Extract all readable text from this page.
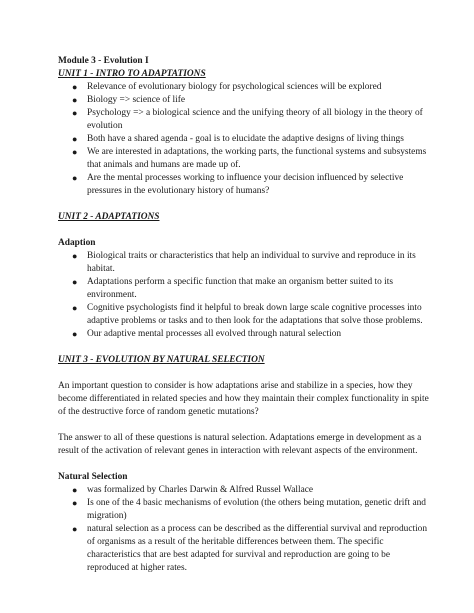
Module 3 - Evolution I

UNIT 1 - INTRO TO ADAPTATIONS

● Relevance of evolutionary biology for psychological sciences will be explored
● Biology => science of life
● Psychology => a biological science and the unifying theory of all biology in the theory of evolution
● Both have a shared agenda - goal is to elucidate the adaptive designs of living things
● We are interested in adaptations, the working parts, the functional systems and subsystems that animals and humans are made up of.
● Are the mental processes working to influence your decision influenced by selective pressures in the evolutionary history of humans?

UNIT 2 - ADAPTATIONS

Adaption

● Biological traits or characteristics that help an individual to survive and reproduce in its habitat.
● Adaptations perform a specific function that make an organism better suited to its environment.
● Cognitive psychologists find it helpful to break down large scale cognitive processes into adaptive problems or tasks and to then look for the adaptations that solve those problems.
● Our adaptive mental processes all evolved through natural selection

UNIT 3 - EVOLUTION BY NATURAL SELECTION

An important question to consider is how adaptations arise and stabilize in a species, how they become differentiated in related species and how they maintain their complex functionality in spite of the destructive force of random genetic mutations?

The answer to all of these questions is natural selection. Adaptations emerge in development as a result of the activation of relevant genes in interaction with relevant aspects of the environment.

Natural Selection

● was formalized by Charles Darwin & Alfred Russel Wallace
● Is one of the 4 basic mechanisms of evolution (the others being mutation, genetic drift and migration)
● natural selection as a process can be described as the differential survival and reproduction of organisms as a result of the heritable differences between them. The specific characteristics that are best adapted for survival and reproduction are going to be reproduced at higher rates.
